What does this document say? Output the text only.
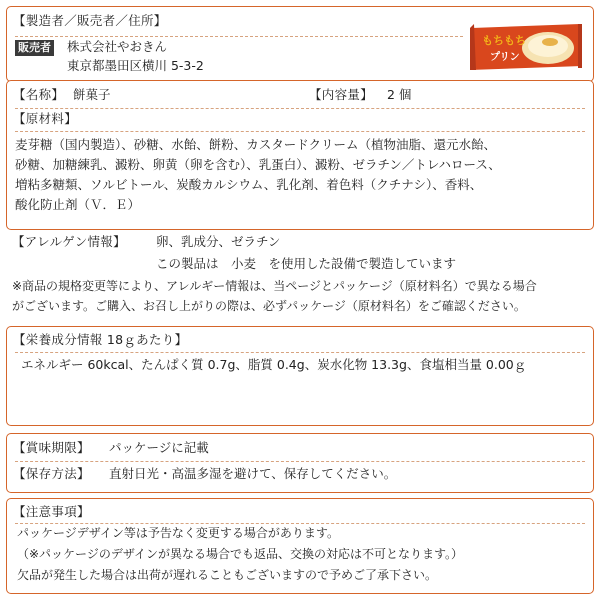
【製造者／販売者／住所】
販売者 株式会社やおきん
東京都墨田区横川 5-3-2
もちもち
プリン
【名称】 餅菓子	【内容量】 2 個
【原材料】
麦芽糖（国内製造）、砂糖、水飴、餅粉、カスタードクリーム（植物油脂、還元水飴、
砂糖、加糖練乳、澱粉、卵黄（卵を含む）、乳蛋白）、澱粉、ゼラチン／トレハロース、
増粘多糖類、ソルビトール、炭酸カルシウム、乳化剤、着色料（クチナシ）、香料、
酸化防止剤（Ｖ．Ｅ）
【アレルゲン情報】 卵、乳成分、ゼラチン
この製品は　小麦　を使用した設備で製造しています
※商品の規格変更等により、アレルギー情報は、当ページとパッケージ（原材料名）で異なる場合
がございます。ご購入、お召し上がりの際は、必ずパッケージ（原材料名）をご確認ください。
【栄養成分情報 18ｇあたり】
エネルギー 60kcal、たんぱく質 0.7g、脂質 0.4g、炭水化物 13.3g、食塩相当量 0.00ｇ
【賞味期限】 パッケージに記載
【保存方法】 直射日光・高温多湿を避けて、保存してください。
【注意事項】
パッケージデザイン等は予告なく変更する場合があります。
（※パッケージのデザインが異なる場合でも返品、交換の対応は不可となります。）
欠品が発生した場合は出荷が遅れることもございますので予めご了承下さい。
